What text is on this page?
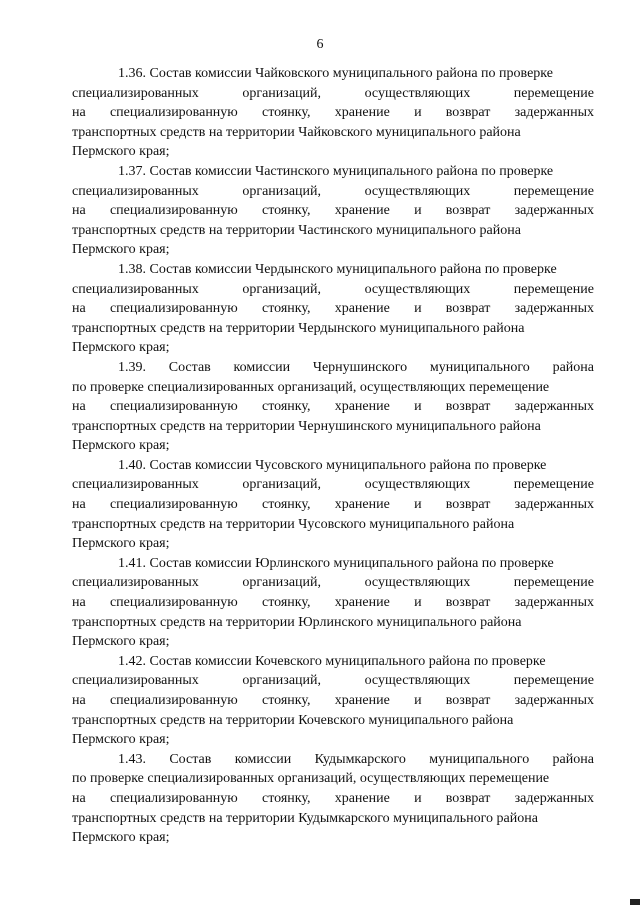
6
1.36. Состав комиссии Чайковского муниципального района по проверке
специализированных	организаций,	осуществляющих	перемещение
на специализированную стоянку, хранение и возврат задержанных
транспортных средств на территории Чайковского муниципального района
Пермского края;
1.37. Состав комиссии Частинского муниципального района по проверке
специализированных	организаций,	осуществляющих	перемещение
на специализированную стоянку, хранение и возврат задержанных
транспортных средств на территории Частинского муниципального района
Пермского края;
1.38. Состав комиссии Чердынского муниципального района по проверке
специализированных	организаций,	осуществляющих	перемещение
на специализированную стоянку, хранение и возврат задержанных
транспортных средств на территории Чердынского муниципального района
Пермского края;
1.39. Состав комиссии Чернушинского муниципального района
по проверке специализированных организаций, осуществляющих перемещение
на специализированную стоянку, хранение и возврат задержанных
транспортных средств на территории Чернушинского муниципального района
Пермского края;
1.40. Состав комиссии Чусовского муниципального района по проверке
специализированных	организаций,	осуществляющих	перемещение
на специализированную стоянку, хранение и возврат задержанных
транспортных средств на территории Чусовского муниципального района
Пермского края;
1.41. Состав комиссии Юрлинского муниципального района по проверке
специализированных	организаций,	осуществляющих	перемещение
на специализированную стоянку, хранение и возврат задержанных
транспортных средств на территории Юрлинского муниципального района
Пермского края;
1.42. Состав комиссии Кочевского муниципального района по проверке
специализированных	организаций,	осуществляющих	перемещение
на специализированную стоянку, хранение и возврат задержанных
транспортных средств на территории Кочевского муниципального района
Пермского края;
1.43. Состав комиссии Кудымкарского муниципального района
по проверке специализированных организаций, осуществляющих перемещение
на специализированную стоянку, хранение и возврат задержанных
транспортных средств на территории Кудымкарского муниципального района
Пермского края;
